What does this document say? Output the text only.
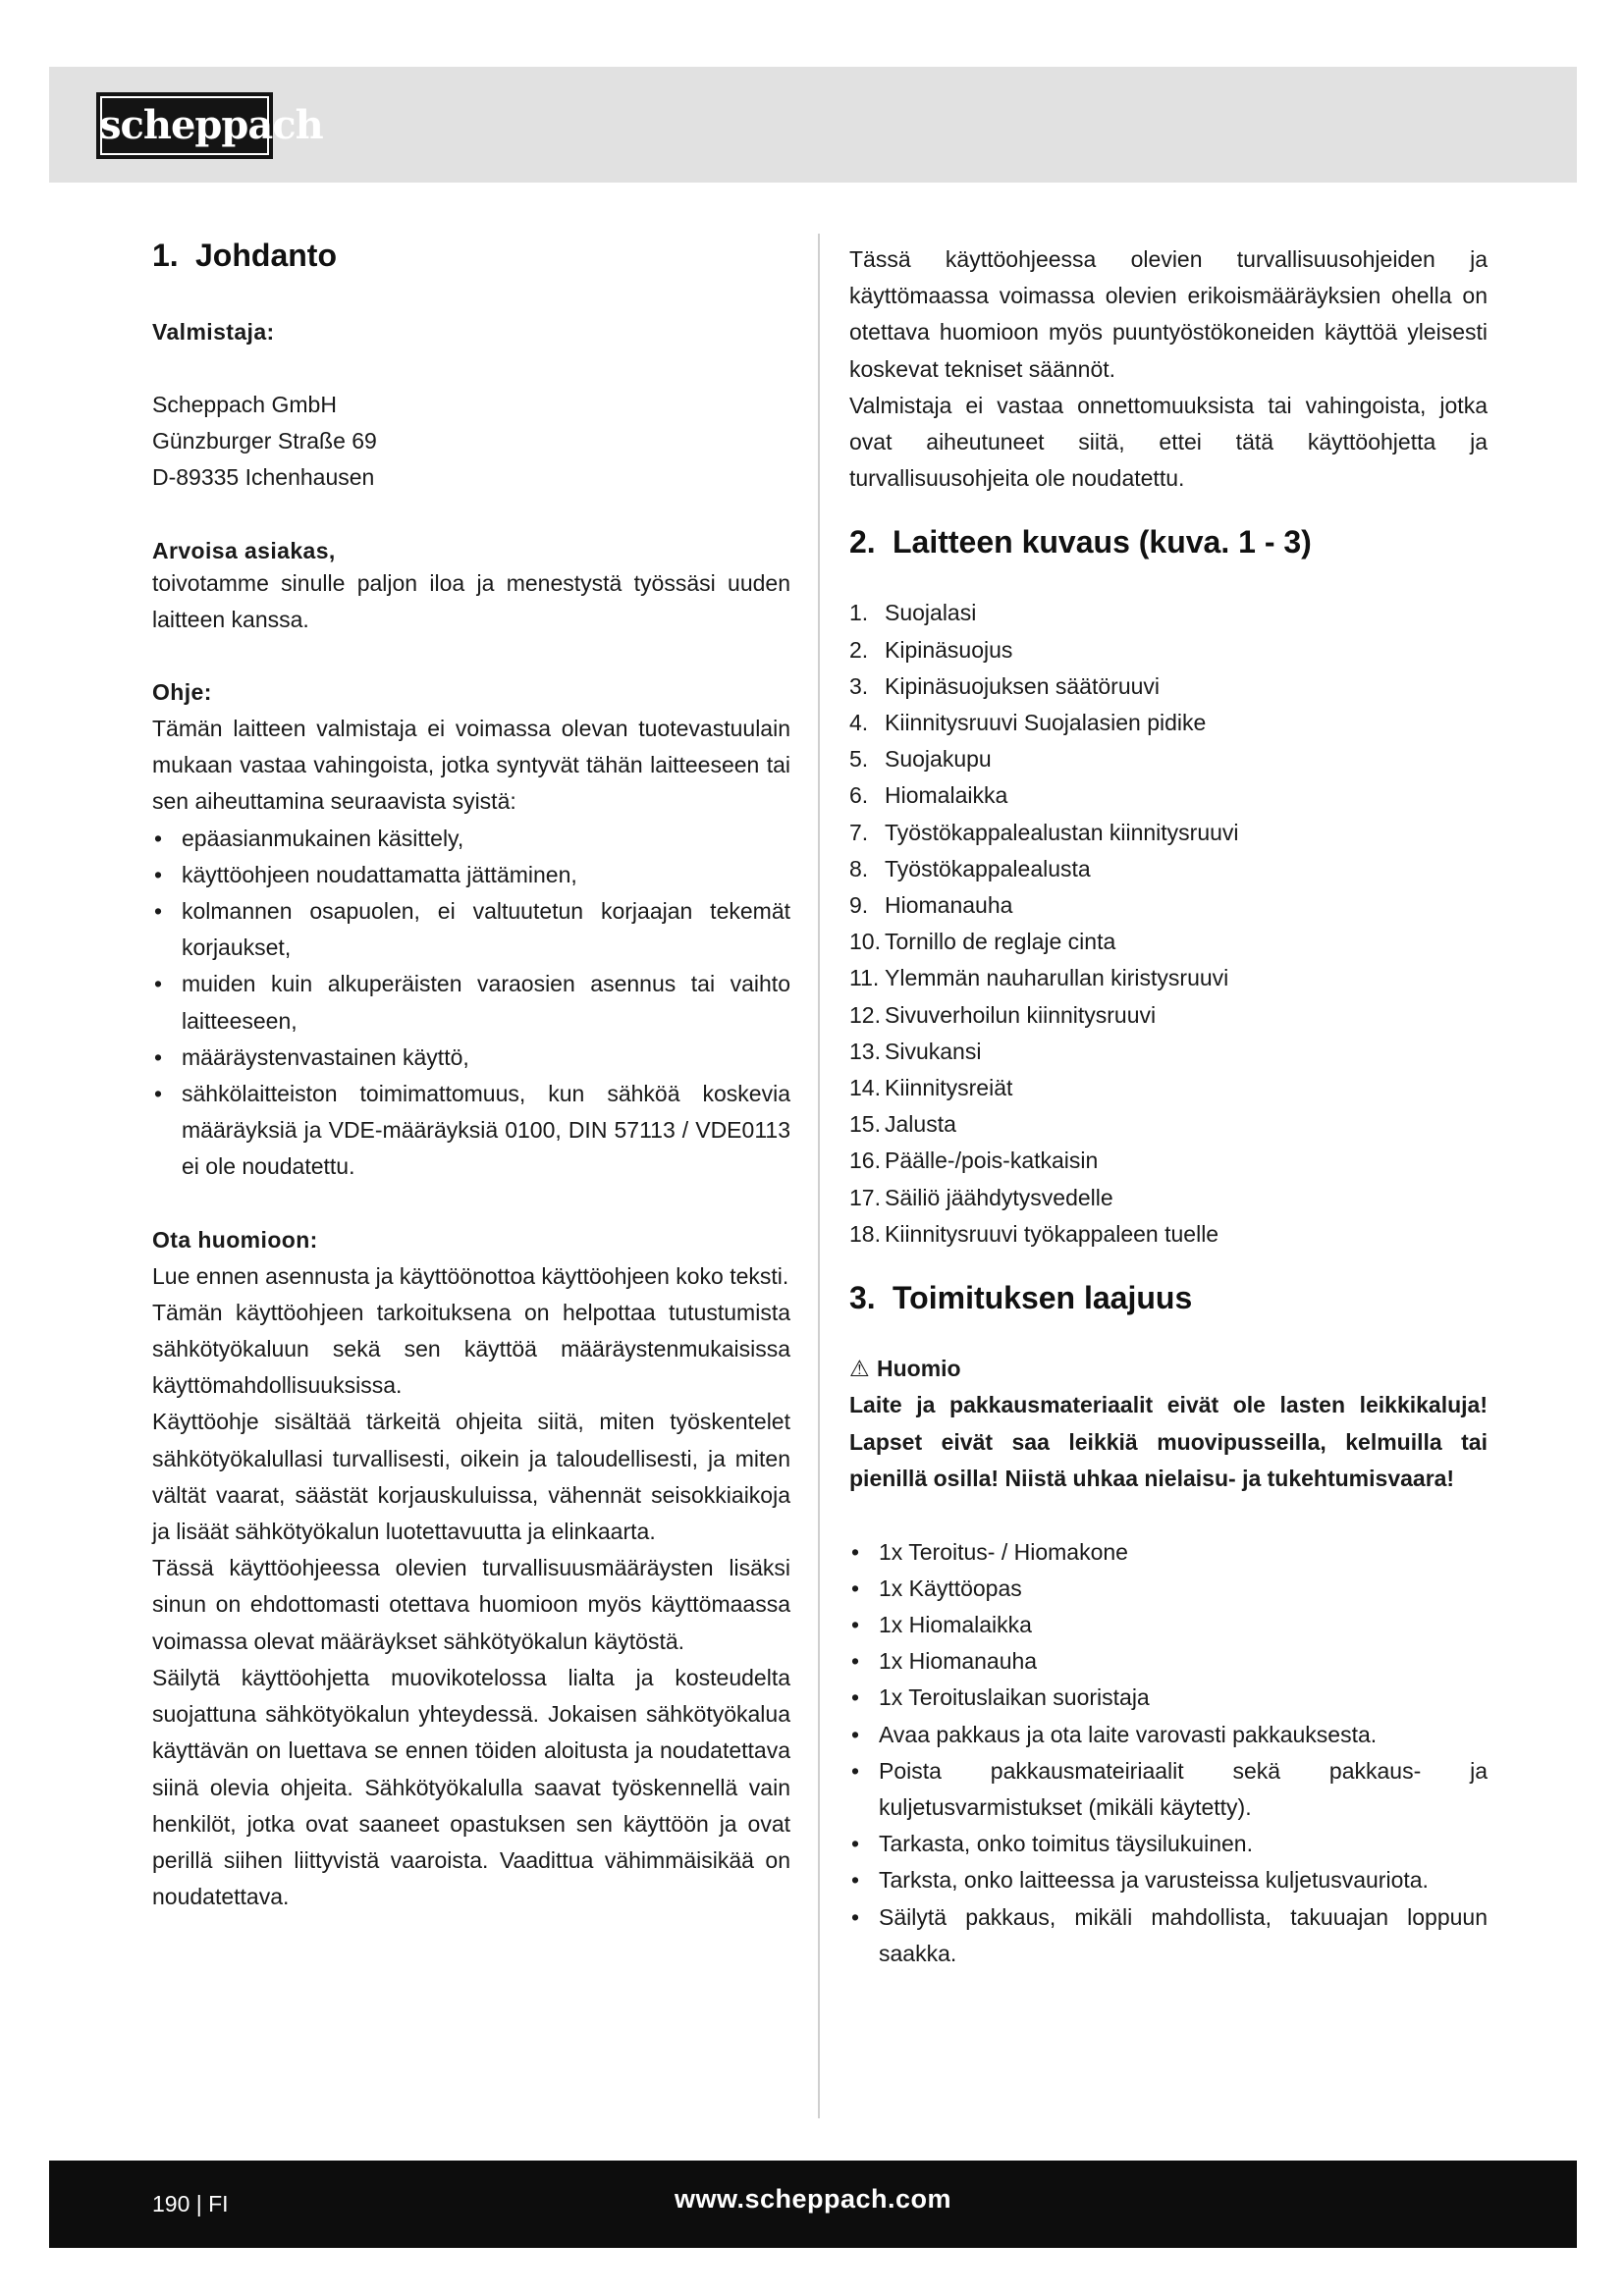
scheppach
1. Johdanto
Valmistaja:
Scheppach GmbH
Günzburger Straße 69
D-89335 Ichenhausen
Arvoisa asiakas,

toivotamme sinulle paljon iloa ja menestystä työssäsi uuden laitteen kanssa.

Ohje:

Tämän laitteen valmistaja ei voimassa olevan tuotevastuulain mukaan vastaa vahingoista, jotka syntyvät tähän laitteeseen tai sen aiheuttamina seuraavista syistä:

• epäasianmukainen käsittely,
• käyttöohjeen noudattamatta jättäminen,
• kolmannen osapuolen, ei valtuutetun korjaajan tekemät korjaukset,
• muiden kuin alkuperäisten varaosien asennus tai vaihto laitteeseen,
• määräystenvastainen käyttö,
• sähkölaitteiston toimimattomuus, kun sähköä koskevia määräyksiä ja VDE-määräyksiä 0100, DIN 57113 / VDE0113 ei ole noudatettu.
Ota huomioon:

Lue ennen asennusta ja käyttöönottoa käyttöohjeen koko teksti.

Tämän käyttöohjeen tarkoituksena on helpottaa tutustumista sähkötyökaluun sekä sen käyttöä määräystenmukaisissa käyttömahdollisuuksissa.

Käyttöohje sisältää tärkeitä ohjeita siitä, miten työskentelet sähkötyökalullasi turvallisesti, oikein ja taloudellisesti, ja miten vältät vaarat, säästät korjauskuluissa, vähennät seisokkiaikoja ja lisäät sähkötyökalun luotettavuutta ja elinkaarta.

Tässä käyttöohjeessa olevien turvallisuusmääräysten lisäksi sinun on ehdottomasti otettava huomioon myös käyttömaassa voimassa olevat määräykset sähkötyökalun käytöstä.

Säilytä käyttöohjetta muovikotelossa lialta ja kosteudelta suojattuna sähkötyökalun yhteydessä. Jokaisen sähkötyökalua käyttävän on luettava se ennen töiden aloitusta ja noudatettava siinä olevia ohjeita. Sähkötyökalulla saavat työskennellä vain henkilöt, jotka ovat saaneet opastuksen sen käyttöön ja ovat perillä siihen liittyvistä vaaroista. Vaadittua vähimmäisikää on noudatettava.

Tässä käyttöohjeessa olevien turvallisuusohjeiden ja käyttömaassa voimassa olevien erikoismääräyksien ohella on otettava huomioon myös puuntyöstökoneiden käyttöä yleisesti koskevat tekniset säännöt.

Valmistaja ei vastaa onnettomuuksista tai vahingoista, jotka ovat aiheutuneet siitä, ettei tätä käyttöohjetta ja turvallisuusohjeita ole noudatettu.

2. Laitteen kuvaus (kuva. 1 - 3)
1. Suojalasi
2. Kipinäsuojus
3. Kipinäsuojuksen säätöruuvi
4. Kiinnitysruuvi Suojalasien pidike
5. Suojakupu
6. Hiomalaikka
7. Työstökappalealustan kiinnitysruuvi
8. Työstökappalealusta
9. Hiomanauha
10. Tornillo de reglaje cinta
11. Ylemmän nauharullan kiristysruuvi
12. Sivuverhoilun kiinnitysruuvi
13. Sivukansi
14. Kiinnitysreiät
15. Jalusta
16. Päälle-/pois-katkaisin
17. Säiliö jäähdytysvedelle
18. Kiinnitysruuvi työkappaleen tuelle
3. Toimituksen laajuus
⚠ Huomio

Laite ja pakkausmateriaalit eivät ole lasten leikkikaluja! Lapset eivät saa leikkiä muovipusseilla, kelmuilla tai pienillä osilla! Niistä uhkaa nielaisu- ja tukehtumisvaara!

• 1x Teroitus- / Hiomakone
• 1x Käyttöopas
• 1x Hiomalaikka
• 1x Hiomanauha
• 1x Teroituslaikan suoristaja
• Avaa pakkaus ja ota laite varovasti pakkauksesta.
• Poista pakkausmateiriaalit sekä pakkaus- ja kuljetusvarmistukset (mikäli käytetty).
• Tarkasta, onko toimitus täysilukuinen.
• Tarksta, onko laitteessa ja varusteissa kuljetusvauriota.
• Säilytä pakkaus, mikäli mahdollista, takuuajan loppuun saakka.
190 | FI	www.scheppach.com
